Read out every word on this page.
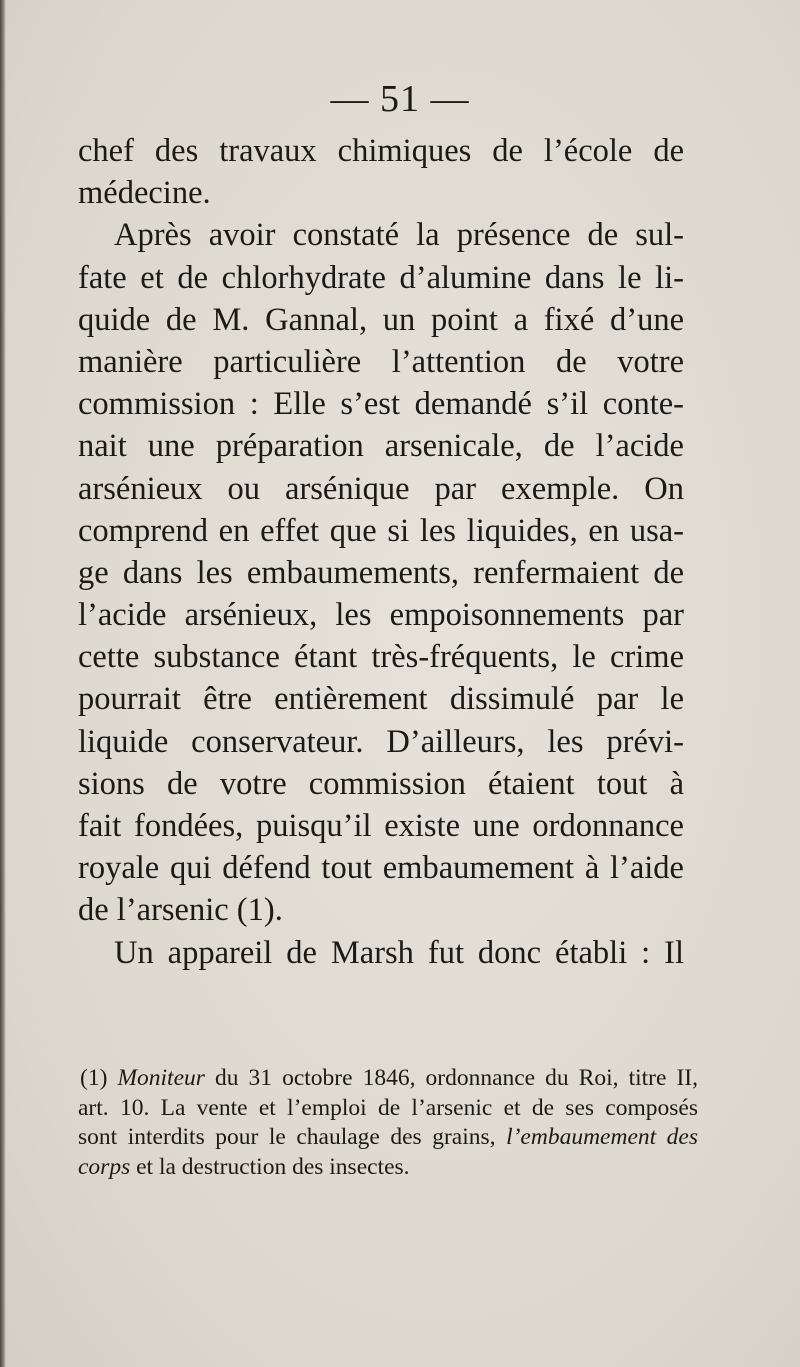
— 51 —
chef des travaux chimiques de l’école de
médecine.
Après avoir constaté la présence de sul-
fate et de chlorhydrate d’alumine dans le li-
quide de M. Gannal, un point a fixé d’une
manière particulière l’attention de votre
commission : Elle s’est demandé s’il conte-
nait une préparation arsenicale, de l’acide
arsénieux ou arsénique par exemple. On
comprend en effet que si les liquides, en usa-
ge dans les embaumements, renfermaient de
l’acide arsénieux, les empoisonnements par
cette substance étant très-fréquents, le crime
pourrait être entièrement dissimulé par le
liquide conservateur. D’ailleurs, les prévi-
sions de votre commission étaient tout à
fait fondées, puisqu’il existe une ordonnance
royale qui défend tout embaumement à l’aide
de l’arsenic (1).
Un appareil de Marsh fut donc établi : Il
(1) Moniteur du 31 octobre 1846, ordonnance du Roi, titre II,
art. 10. La vente et l’emploi de l’arsenic et de ses composés
sont interdits pour le chaulage des grains, l’embaumement des
corps et la destruction des insectes.
